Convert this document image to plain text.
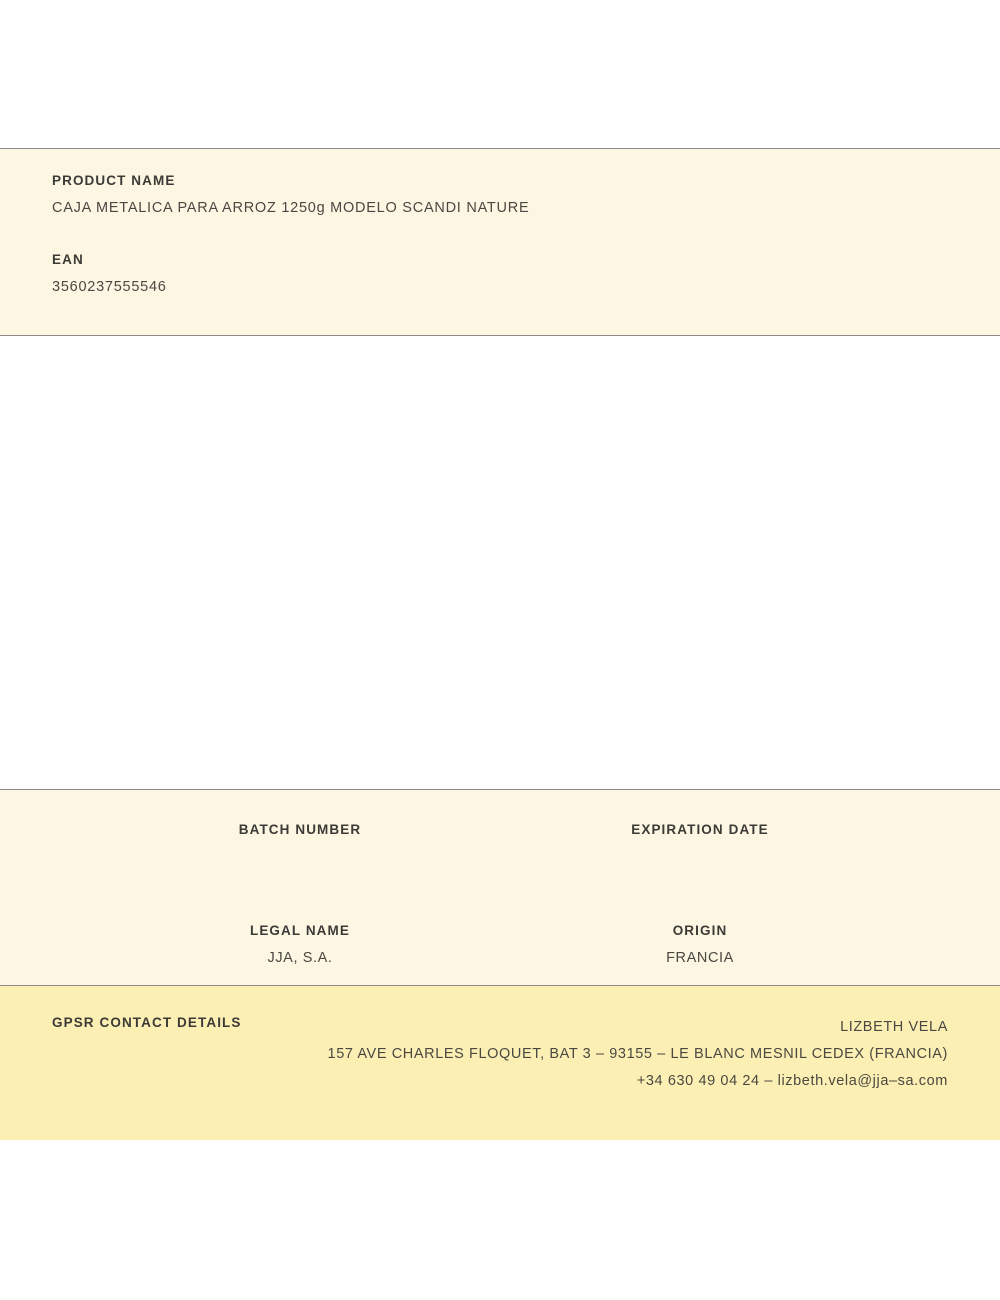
PRODUCT NAME

CAJA METALICA PARA ARROZ 1250g MODELO SCANDI NATURE

EAN

3560237555546

BATCH NUMBER	EXPIRATION DATE

LEGAL NAME

JJA, S.A.

ORIGIN

FRANCIA

GPSR CONTACT DETAILS	LIZBETH VELA
157 AVE CHARLES FLOQUET, BAT 3 – 93155 – LE BLANC MESNIL CEDEX (FRANCIA)
+34 630 49 04 24 – lizbeth.vela@jja–sa.com
